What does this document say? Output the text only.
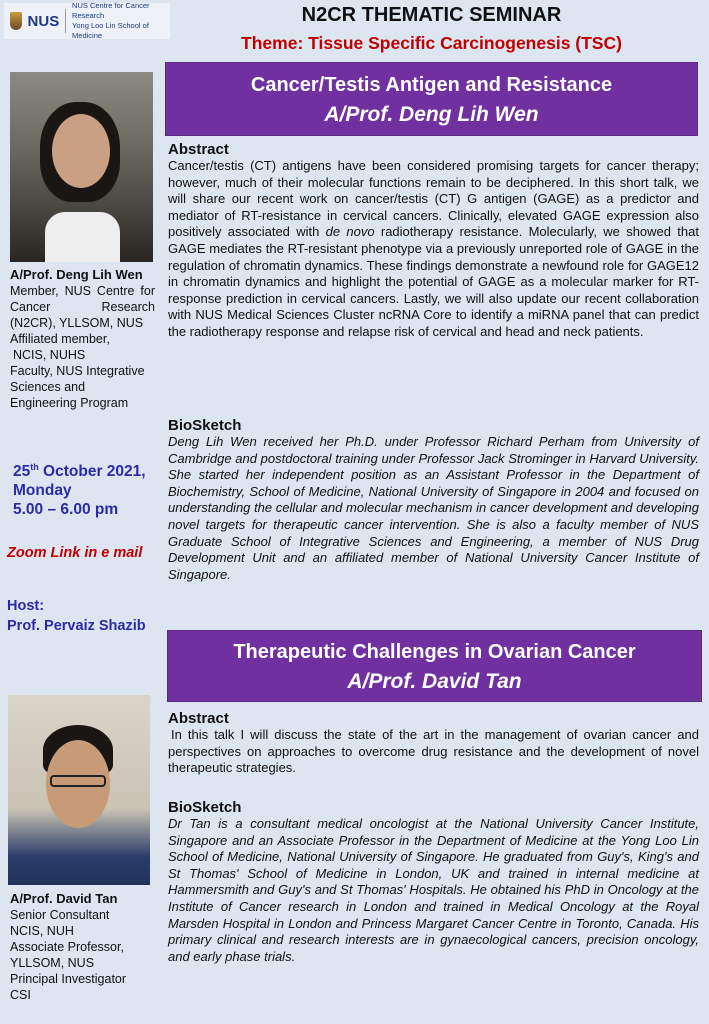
NUS
NUS Centre for Cancer Research
Yong Loo Lin School of Medicine
N2CR THEMATIC SEMINAR
Theme: Tissue Specific Carcinogenesis (TSC)
A/Prof. Deng Lih Wen
Member, NUS Centre for Cancer Research (N2CR), YLLSOM, NUS
Affiliated member,
NCIS, NUHS
Faculty, NUS Integrative Sciences and Engineering Program
25th October 2021,
Monday
5.00 – 6.00 pm
Zoom Link in e mail
Host:
Prof. Pervaiz Shazib
A/Prof. David Tan
Senior Consultant
NCIS, NUH
Associate Professor,
YLLSOM, NUS
Principal Investigator
CSI
Cancer/Testis Antigen and Resistance
A/Prof. Deng Lih Wen
Abstract

Cancer/testis (CT) antigens have been considered promising targets for cancer therapy; however, much of their molecular functions remain to be deciphered. In this short talk, we will share our recent work on cancer/testis (CT) G antigen (GAGE) as a predictor and mediator of RT-resistance in cervical cancers. Clinically, elevated GAGE expression also positively associated with de novo radiotherapy resistance. Molecularly, we showed that GAGE mediates the RT-resistant phenotype via a previously unreported role of GAGE in the regulation of chromatin dynamics. These findings demonstrate a newfound role for GAGE12 in chromatin dynamics and highlight the potential of GAGE as a molecular marker for RT-response prediction in cervical cancers. Lastly, we will also update our recent collaboration with NUS Medical Sciences Cluster ncRNA Core to identify a miRNA panel that can predict the radiotherapy response and relapse risk of cervical and head and neck patients.

BioSketch

Deng Lih Wen received her Ph.D. under Professor Richard Perham from University of Cambridge and postdoctoral training under Professor Jack Strominger in Harvard University. She started her independent position as an Assistant Professor in the Department of Biochemistry, School of Medicine, National University of Singapore in 2004 and focused on understanding the cellular and molecular mechanism in cancer development and developing novel targets for therapeutic cancer intervention. She is also a faculty member of NUS Graduate School of Integrative Sciences and Engineering, a member of NUS Drug Development Unit and an affiliated member of National University Cancer Institute of Singapore.

Therapeutic Challenges in Ovarian Cancer
A/Prof. David Tan
Abstract

In this talk I will discuss the state of the art in the management of ovarian cancer and perspectives on approaches to overcome drug resistance and the development of novel therapeutic strategies.

BioSketch

Dr Tan is a consultant medical oncologist at the National University Cancer Institute, Singapore and an Associate Professor in the Department of Medicine at the Yong Loo Lin School of Medicine, National University of Singapore. He graduated from Guy's, King's and St Thomas' School of Medicine in London, UK and trained in internal medicine at Hammersmith and Guy's and St Thomas' Hospitals. He obtained his PhD in Oncology at the Institute of Cancer research in London and trained in Medical Oncology at the Royal Marsden Hospital in London and Princess Margaret Cancer Centre in Toronto, Canada. His primary clinical and research interests are in gynaecological cancers, precision oncology, and early phase trials.
